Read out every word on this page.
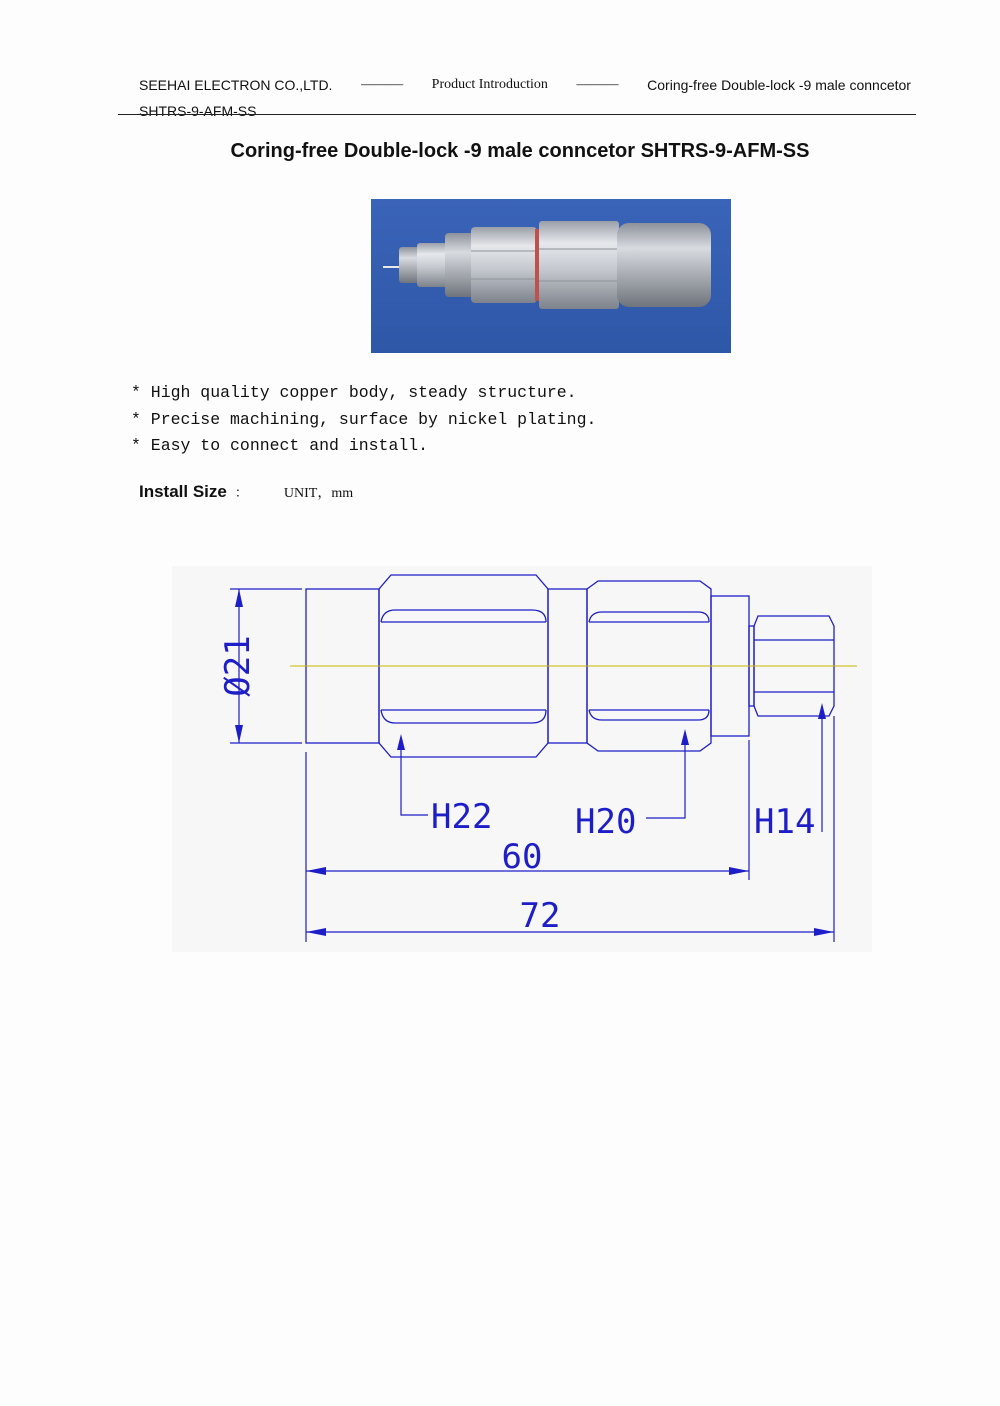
SEEHAI ELECTRON CO.,LTD. ——— Product Introduction ——— Coring-free Double-lock -9 male conncetor
SHTRS-9-AFM-SS
Coring-free Double-lock -9 male conncetor SHTRS-9-AFM-SS
* High quality copper body, steady structure.
* Precise machining, surface by nickel plating.
* Easy to connect and install.
Install Size ：	UNIT，mm
Ø21
H22 H20	H14
60
72
